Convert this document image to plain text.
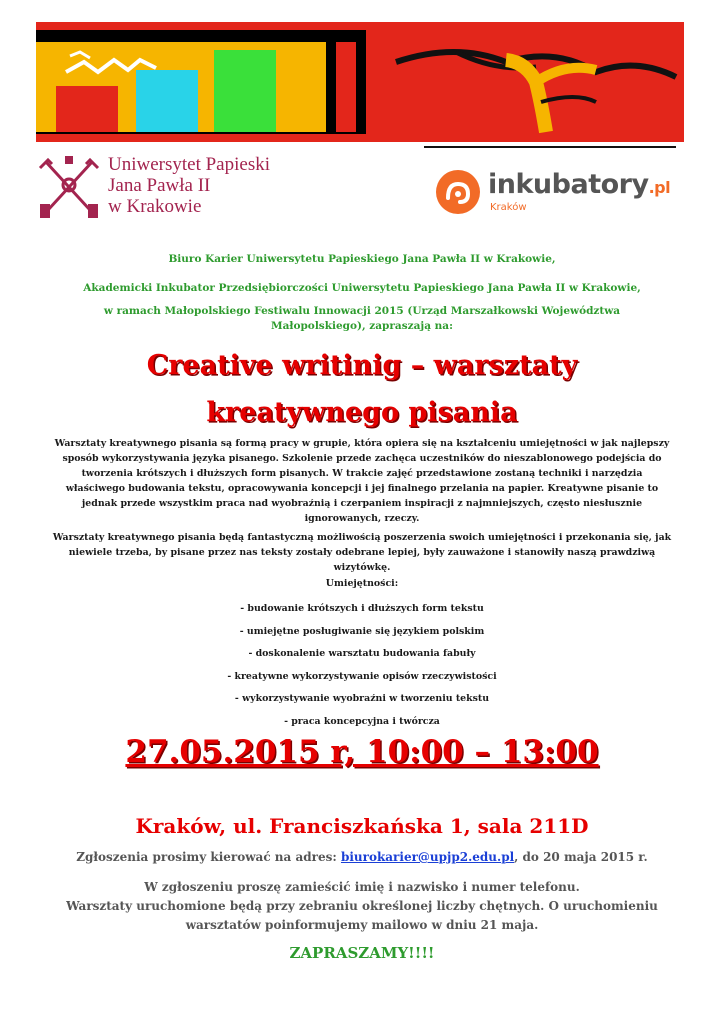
Uniwersytet Papieski
Jana Pawła II
w Krakowie
inkubatory.pl
Kraków
Biuro Karier Uniwersytetu Papieskiego Jana Pawła II w Krakowie,
Akademicki Inkubator Przedsiębiorczości Uniwersytetu Papieskiego Jana Pawła II w Krakowie,
w ramach Małopolskiego Festiwalu Innowacji 2015 (Urząd Marszałkowski Województwa
Małopolskiego), zapraszają na:
Creative writinig – warsztaty
kreatywnego pisania
Warsztaty kreatywnego pisania są formą pracy w grupie, która opiera się na kształceniu umiejętności w jak najlepszy
sposób wykorzystywania języka pisanego. Szkolenie przede zachęca uczestników do nieszablonowego podejścia do
tworzenia krótszych i dłuższych form pisanych. W trakcie zajęć przedstawione zostaną techniki i narzędzia
właściwego budowania tekstu, opracowywania koncepcji i jej finalnego przelania na papier. Kreatywne pisanie to
jednak przede wszystkim praca nad wyobraźnią i czerpaniem inspiracji z najmniejszych, często niesłusznie
ignorowanych, rzeczy.
Warsztaty kreatywnego pisania będą fantastyczną możliwością poszerzenia swoich umiejętności i przekonania się, jak
niewiele trzeba, by pisane przez nas teksty zostały odebrane lepiej, były zauważone i stanowiły naszą prawdziwą
wizytówkę.
Umiejętności:
- budowanie krótszych i dłuższych form tekstu
- umiejętne posługiwanie się językiem polskim
- doskonalenie warsztatu budowania fabuły
- kreatywne wykorzystywanie opisów rzeczywistości
- wykorzystywanie wyobraźni w tworzeniu tekstu
- praca koncepcyjna i twórcza
27.05.2015 r, 10:00 – 13:00
Kraków, ul. Franciszkańska 1, sala 211D
Zgłoszenia prosimy kierować na adres: biurokarier@upjp2.edu.pl, do 20 maja 2015 r.
W zgłoszeniu proszę zamieścić imię i nazwisko i numer telefonu.
Warsztaty uruchomione będą przy zebraniu określonej liczby chętnych. O uruchomieniu
warsztatów poinformujemy mailowo w dniu 21 maja.
ZAPRASZAMY!!!!
